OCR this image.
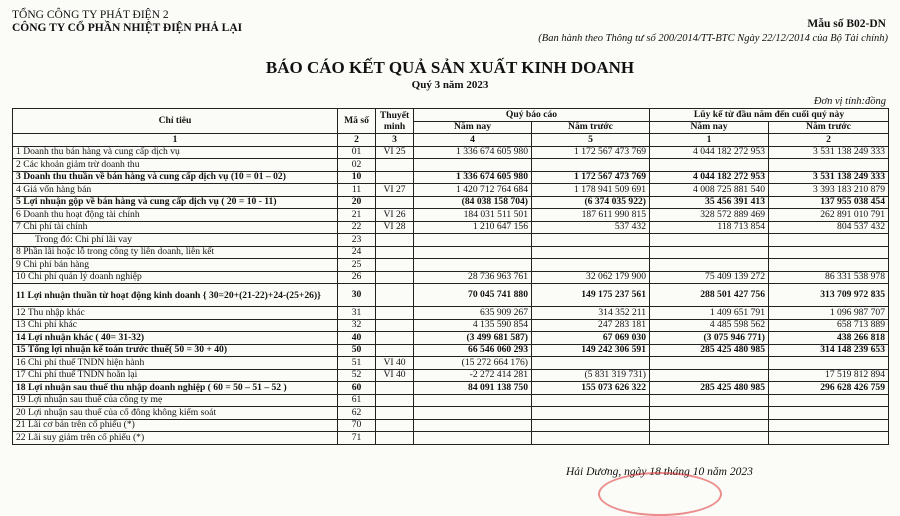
TỔNG CÔNG TY PHÁT ĐIỆN 2
CÔNG TY CỔ PHẦN NHIỆT ĐIỆN PHẢ LẠI	Mẫu số B02-DN
(Ban hành theo Thông tư số 200/2014/TT-BTC Ngày 22/12/2014 của Bộ Tài chính)
BÁO CÁO KẾT QUẢ SẢN XUẤT KINH DOANH
Quý 3 năm 2023
Đơn vị tính:đồng
Chỉ tiêu	Mã số	Thuyết minh	Quý báo cáo		Lũy kế từ đầu năm đến cuối quý này	
			Năm nay	Năm trước	Năm nay	Năm trước
1	2	3	4	5	1	2
1 Doanh thu bán hàng và cung cấp dịch vụ	01	VI 25	1 336 674 605 980	1 172 567 473 769	4 044 182 272 953	3 531 138 249 333
2 Các khoản giảm trừ doanh thu	02					
3 Doanh thu thuần về bán hàng và cung cấp dịch vụ (10 = 01 – 02)	10		1 336 674 605 980	1 172 567 473 769	4 044 182 272 953	3 531 138 249 333
4 Giá vốn hàng bán	11	VI 27	1 420 712 764 684	1 178 941 509 691	4 008 725 881 540	3 393 183 210 879
5 Lợi nhuận gộp về bán hàng và cung cấp dịch vụ ( 20 = 10 - 11)	20		(84 038 158 704)	(6 374 035 922)	35 456 391 413	137 955 038 454
6 Doanh thu hoạt động tài chính	21	VI 26	184 031 511 501	187 611 990 815	328 572 889 469	262 891 010 791
7 Chi phí tài chính	22	VI 28	1 210 647 156	537 432	118 713 854	804 537 432
Trong đó: Chi phí lãi vay	23					
8 Phần lãi hoặc lỗ trong công ty liên doanh, liên kết	24					
9 Chi phí bán hàng	25					
10 Chi phí quản lý doanh nghiệp	26		28 736 963 761	32 062 179 900	75 409 139 272	86 331 538 978
11 Lợi nhuận thuần từ hoạt động kinh doanh { 30=20+(21-22)+24-(25+26)}	30		70 045 741 880	149 175 237 561	288 501 427 756	313 709 972 835
12 Thu nhập khác	31		635 909 267	314 352 211	1 409 651 791	1 096 987 707
13 Chi phí khác	32		4 135 590 854	247 283 181	4 485 598 562	658 713 889
14 Lợi nhuận khác ( 40= 31-32)	40		(3 499 681 587)	67 069 030	(3 075 946 771)	438 266 818
15 Tổng lợi nhuận kế toán trước thuế( 50 = 30 + 40)	50		66 546 060 293	149 242 306 591	285 425 480 985	314 148 239 653
16 Chi phí thuế TNDN hiện hành	51	VI 40	(15 272 664 176)			
17 Chi phí thuế TNDN hoãn lại	52	VI 40	-2 272 414 281	(5 831 319 731)		17 519 812 894
18 Lợi nhuận sau thuế thu nhập doanh nghiệp ( 60 = 50 – 51 – 52 )	60		84 091 138 750	155 073 626 322	285 425 480 985	296 628 426 759
19 Lợi nhuận sau thuế của công ty mẹ	61					
20 Lợi nhuận sau thuế của cổ đông không kiểm soát	62					
21 Lãi cơ bản trên cổ phiếu (*)	70					
22 Lãi suy giảm trên cổ phiếu (*)	71					
Hải Dương, ngày 18 tháng 10 năm 2023
